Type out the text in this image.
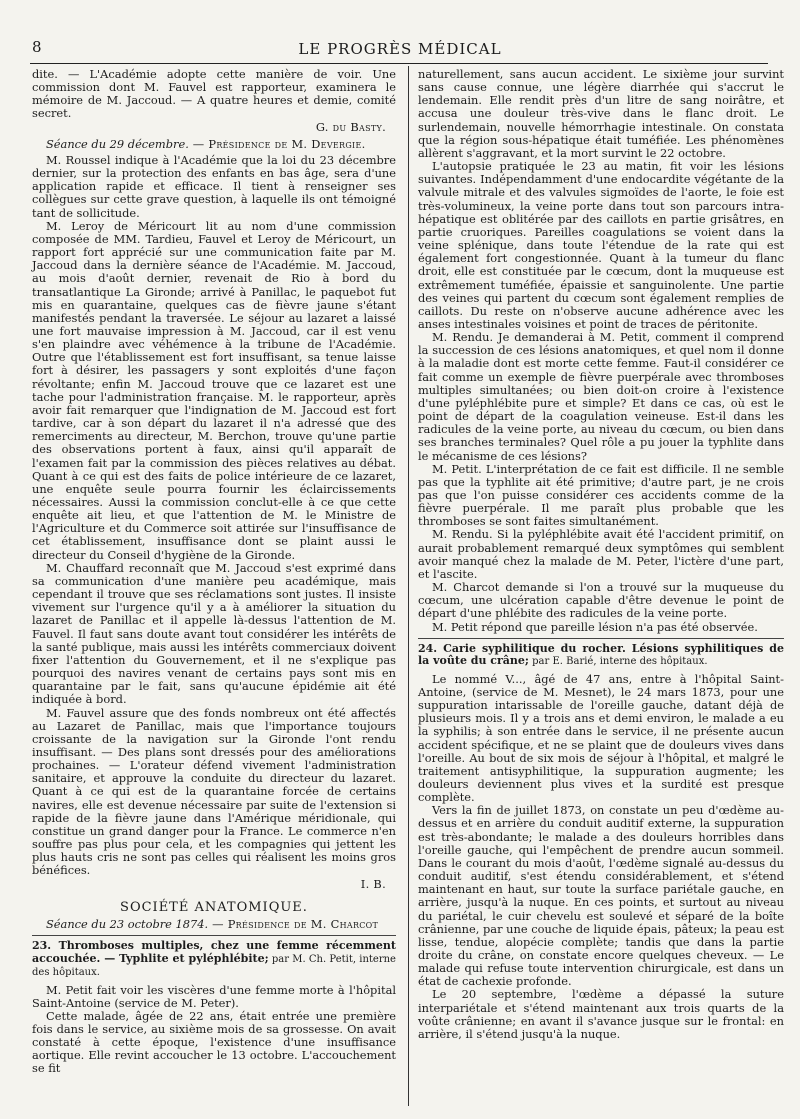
8	LE PROGRÈS MÉDICAL

dite. — L'Académie adopte cette manière de voir. Une commission dont M. Fauvel est rapporteur, examinera le mémoire de M. Jaccoud. — A quatre heures et demie, comité secret.

G. du Basty.

Séance du 29 décembre. — Présidence de M. Devergie.

M. Roussel indique à l'Académie que la loi du 23 décembre dernier, sur la protection des enfants en bas âge, sera d'une application rapide et efficace. Il tient à renseigner ses collègues sur cette grave question, à laquelle ils ont témoigné tant de sollicitude.

M. Leroy de Méricourt lit au nom d'une commission composée de MM. Tardieu, Fauvel et Leroy de Méricourt, un rapport fort apprécié sur une communication faite par M. Jaccoud dans la dernière séance de l'Académie. M. Jaccoud, au mois d'août dernier, revenait de Rio à bord du transatlantique La Gironde; arrivé à Panillac, le paquebot fut mis en quarantaine, quelques cas de fièvre jaune s'étant manifestés pendant la traversée. Le séjour au lazaret a laissé une fort mauvaise impression à M. Jaccoud, car il est venu s'en plaindre avec véhémence à la tribune de l'Académie. Outre que l'établissement est fort insuffisant, sa tenue laisse fort à désirer, les passagers y sont exploités d'une façon révoltante; enfin M. Jaccoud trouve que ce lazaret est une tache pour l'administration française. M. le rapporteur, après avoir fait remarquer que l'indignation de M. Jaccoud est fort tardive, car à son départ du lazaret il n'a adressé que des remerciments au directeur, M. Berchon, trouve qu'une partie des observations portent à faux, ainsi qu'il apparaît de l'examen fait par la commission des pièces relatives au débat. Quant à ce qui est des faits de police intérieure de ce lazaret, une enquête seule pourra fournir les éclaircissements nécessaires. Aussi la commission conclut-elle à ce que cette enquête ait lieu, et que l'attention de M. le Ministre de l'Agriculture et du Commerce soit attirée sur l'insuffisance de cet établissement, insuffisance dont se plaint aussi le directeur du Conseil d'hygiène de la Gironde.

M. Chauffard reconnaît que M. Jaccoud s'est exprimé dans sa communication d'une manière peu académique, mais cependant il trouve que ses réclamations sont justes. Il insiste vivement sur l'urgence qu'il y a à améliorer la situation du lazaret de Panillac et il appelle là-dessus l'attention de M. Fauvel. Il faut sans doute avant tout considérer les intérêts de la santé publique, mais aussi les intérêts commerciaux doivent fixer l'attention du Gouvernement, et il ne s'explique pas pourquoi des navires venant de certains pays sont mis en quarantaine par le fait, sans qu'aucune épidémie ait été indiquée à bord.

M. Fauvel assure que des fonds nombreux ont été affectés au Lazaret de Panillac, mais que l'importance toujours croissante de la navigation sur la Gironde l'ont rendu insuffisant. — Des plans sont dressés pour des améliorations prochaines. — L'orateur défend vivement l'administration sanitaire, et approuve la conduite du directeur du lazaret. Quant à ce qui est de la quarantaine forcée de certains navires, elle est devenue nécessaire par suite de l'extension si rapide de la fièvre jaune dans l'Amérique méridionale, qui constitue un grand danger pour la France. Le commerce n'en souffre pas plus pour cela, et les compagnies qui jettent les plus hauts cris ne sont pas celles qui réalisent les moins gros bénéfices.

I. B.

SOCIÉTÉ ANATOMIQUE.
Séance du 23 octobre 1874. — Présidence de M. Charcot

23. Thromboses multiples, chez une femme récemment accouchée. — Typhlite et pyléphlébite; par M. Ch. Petit, interne des hôpitaux.

M. Petit fait voir les viscères d'une femme morte à l'hôpital Saint-Antoine (service de M. Peter).

Cette malade, âgée de 22 ans, était entrée une première fois dans le service, au sixième mois de sa grossesse. On avait constaté à cette époque, l'existence d'une insuffisance aortique. Elle revint accoucher le 13 octobre. L'accouchement se fit

naturellement, sans aucun accident. Le sixième jour survint sans cause connue, une légère diarrhée qui s'accrut le lendemain. Elle rendit près d'un litre de sang noirâtre, et accusa une douleur très-vive dans le flanc droit. Le surlendemain, nouvelle hémorrhagie intestinale. On constata que la région sous-hépatique était tuméfiée. Les phénomènes allèrent s'aggravant, et la mort survint le 22 octobre.

L'autopsie pratiquée le 23 au matin, fit voir les lésions suivantes. Indépendamment d'une endocardite végétante de la valvule mitrale et des valvules sigmoïdes de l'aorte, le foie est très-volumineux, la veine porte dans tout son parcours intra-hépatique est oblitérée par des caillots en partie grisâtres, en partie cruoriques. Pareilles coagulations se voient dans la veine splénique, dans toute l'étendue de la rate qui est également fort congestionnée. Quant à la tumeur du flanc droit, elle est constituée par le cœcum, dont la muqueuse est extrêmement tuméfiée, épaissie et sanguinolente. Une partie des veines qui partent du cœcum sont également remplies de caillots. Du reste on n'observe aucune adhérence avec les anses intestinales voisines et point de traces de péritonite.

M. Rendu. Je demanderai à M. Petit, comment il comprend la succession de ces lésions anatomiques, et quel nom il donne à la maladie dont est morte cette femme. Faut-il considérer ce fait comme un exemple de fièvre puerpérale avec thromboses multiples simultanées; ou bien doit-on croire à l'existence d'une pyléphlébite pure et simple? Et dans ce cas, où est le point de départ de la coagulation veineuse. Est-il dans les radicules de la veine porte, au niveau du cœcum, ou bien dans ses branches terminales? Quel rôle a pu jouer la typhlite dans le mécanisme de ces lésions?

M. Petit. L'interprétation de ce fait est difficile. Il ne semble pas que la typhlite ait été primitive; d'autre part, je ne crois pas que l'on puisse considérer ces accidents comme de la fièvre puerpérale. Il me paraît plus probable que les thromboses se sont faites simultanément.

M. Rendu. Si la pyléphlébite avait été l'accident primitif, on aurait probablement remarqué deux symptômes qui semblent avoir manqué chez la malade de M. Peter, l'ictère d'une part, et l'ascite.

M. Charcot demande si l'on a trouvé sur la muqueuse du cœcum, une ulcération capable d'être devenue le point de départ d'une phlébite des radicules de la veine porte.

M. Petit répond que pareille lésion n'a pas été observée.

24. Carie syphilitique du rocher. Lésions syphilitiques de la voûte du crâne; par E. Barié, interne des hôpitaux.

Le nommé V..., âgé de 47 ans, entre à l'hôpital Saint-Antoine, (service de M. Mesnet), le 24 mars 1873, pour une suppuration intarissable de l'oreille gauche, datant déjà de plusieurs mois. Il y a trois ans et demi environ, le malade a eu la syphilis; à son entrée dans le service, il ne présente aucun accident spécifique, et ne se plaint que de douleurs vives dans l'oreille. Au bout de six mois de séjour à l'hôpital, et malgré le traitement antisyphilitique, la suppuration augmente; les douleurs deviennent plus vives et la surdité est presque complète.

Vers la fin de juillet 1873, on constate un peu d'œdème au-dessus et en arrière du conduit auditif externe, la suppuration est très-abondante; le malade a des douleurs horribles dans l'oreille gauche, qui l'empêchent de prendre aucun sommeil. Dans le courant du mois d'août, l'œdème signalé au-dessus du conduit auditif, s'est étendu considérablement, et s'étend maintenant en haut, sur toute la surface pariétale gauche, en arrière, jusqu'à la nuque. En ces points, et surtout au niveau du pariétal, le cuir chevelu est soulevé et séparé de la boîte crânienne, par une couche de liquide épais, pâteux; la peau est lisse, tendue, alopécie complète; tandis que dans la partie droite du crâne, on constate encore quelques cheveux. — Le malade qui refuse toute intervention chirurgicale, est dans un état de cachexie profonde.

Le 20 septembre, l'œdème a dépassé la suture interpariétale et s'étend maintenant aux trois quarts de la voûte crânienne; en avant il s'avance jusque sur le frontal: en arrière, il s'étend jusqu'à la nuque.
